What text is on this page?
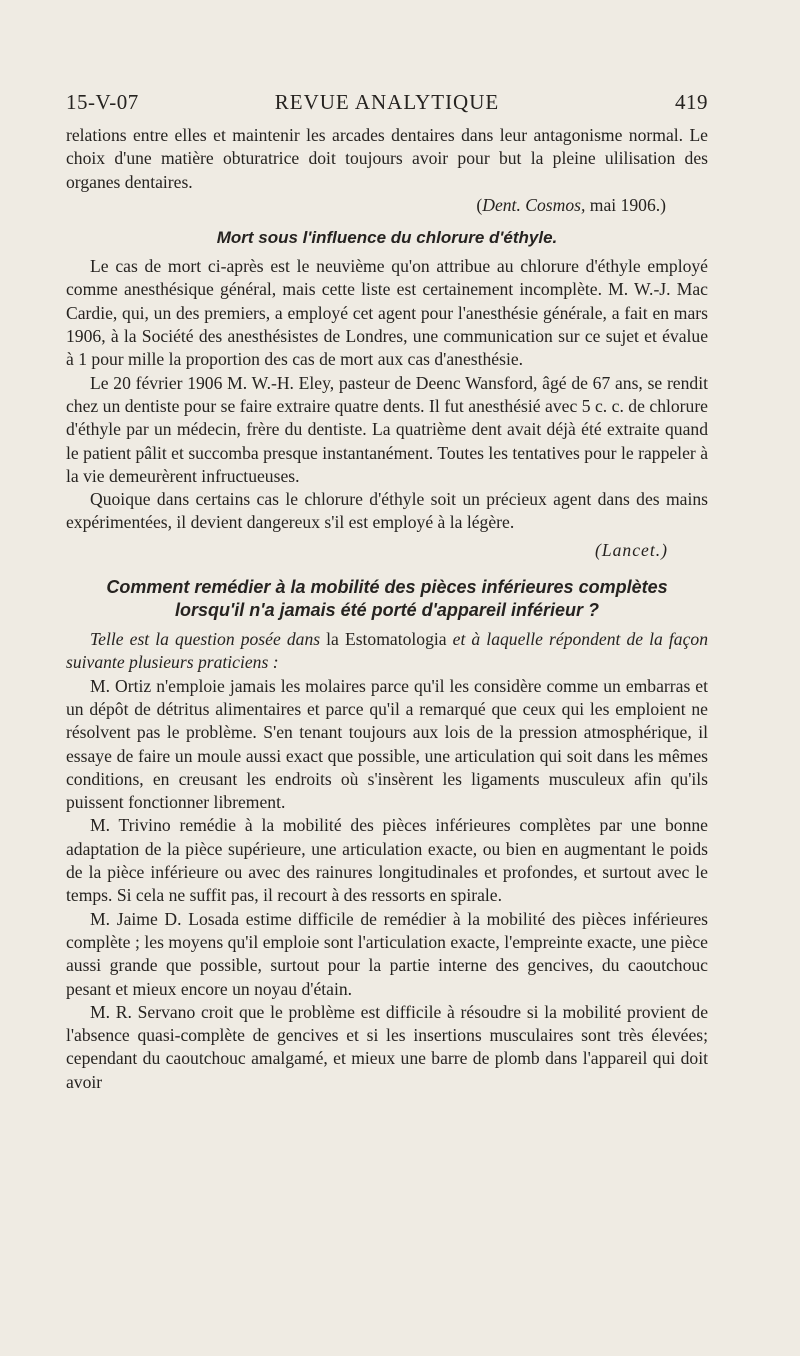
15-V-07	REVUE ANALYTIQUE	419

relations entre elles et maintenir les arcades dentaires dans leur antagonisme normal. Le choix d'une matière obturatrice doit toujours avoir pour but la pleine ulilisation des organes dentaires.

(Dent. Cosmos, mai 1906.)
Mort sous l'influence du chlorure d'éthyle.

Le cas de mort ci-après est le neuvième qu'on attribue au chlorure d'éthyle employé comme anesthésique général, mais cette liste est certainement incomplète. M. W.-J. Mac Cardie, qui, un des premiers, a employé cet agent pour l'anesthésie générale, a fait en mars 1906, à la Société des anesthésistes de Londres, une communication sur ce sujet et évalue à 1 pour mille la proportion des cas de mort aux cas d'anesthésie.

Le 20 février 1906 M. W.-H. Eley, pasteur de Deenc Wansford, âgé de 67 ans, se rendit chez un dentiste pour se faire extraire quatre dents. Il fut anesthésié avec 5 c. c. de chlorure d'éthyle par un médecin, frère du dentiste. La quatrième dent avait déjà été extraite quand le patient pâlit et succomba presque instantanément. Toutes les tentatives pour le rappeler à la vie demeurèrent infructueuses.

Quoique dans certains cas le chlorure d'éthyle soit un précieux agent dans des mains expérimentées, il devient dangereux s'il est employé à la légère.

(Lancet.)
Comment remédier à la mobilité des pièces inférieures complètes
lorsqu'il n'a jamais été porté d'appareil inférieur ?

Telle est la question posée dans la Estomatologia et à laquelle répondent de la façon suivante plusieurs praticiens :

M. Ortiz n'emploie jamais les molaires parce qu'il les considère comme un embarras et un dépôt de détritus alimentaires et parce qu'il a remarqué que ceux qui les emploient ne résolvent pas le problème. S'en tenant toujours aux lois de la pression atmosphérique, il essaye de faire un moule aussi exact que possible, une articulation qui soit dans les mêmes conditions, en creusant les endroits où s'insèrent les ligaments musculeux afin qu'ils puissent fonctionner librement.

M. Trivino remédie à la mobilité des pièces inférieures complètes par une bonne adaptation de la pièce supérieure, une articulation exacte, ou bien en augmentant le poids de la pièce inférieure ou avec des rainures longitudinales et profondes, et surtout avec le temps. Si cela ne suffit pas, il recourt à des ressorts en spirale.

M. Jaime D. Losada estime difficile de remédier à la mobilité des pièces inférieures complète ; les moyens qu'il emploie sont l'articulation exacte, l'empreinte exacte, une pièce aussi grande que possible, surtout pour la partie interne des gencives, du caoutchouc pesant et mieux encore un noyau d'étain.

M. R. Servano croit que le problème est difficile à résoudre si la mobilité provient de l'absence quasi-complète de gencives et si les insertions musculaires sont très élevées; cependant du caoutchouc amalgamé, et mieux une barre de plomb dans l'appareil qui doit avoir
